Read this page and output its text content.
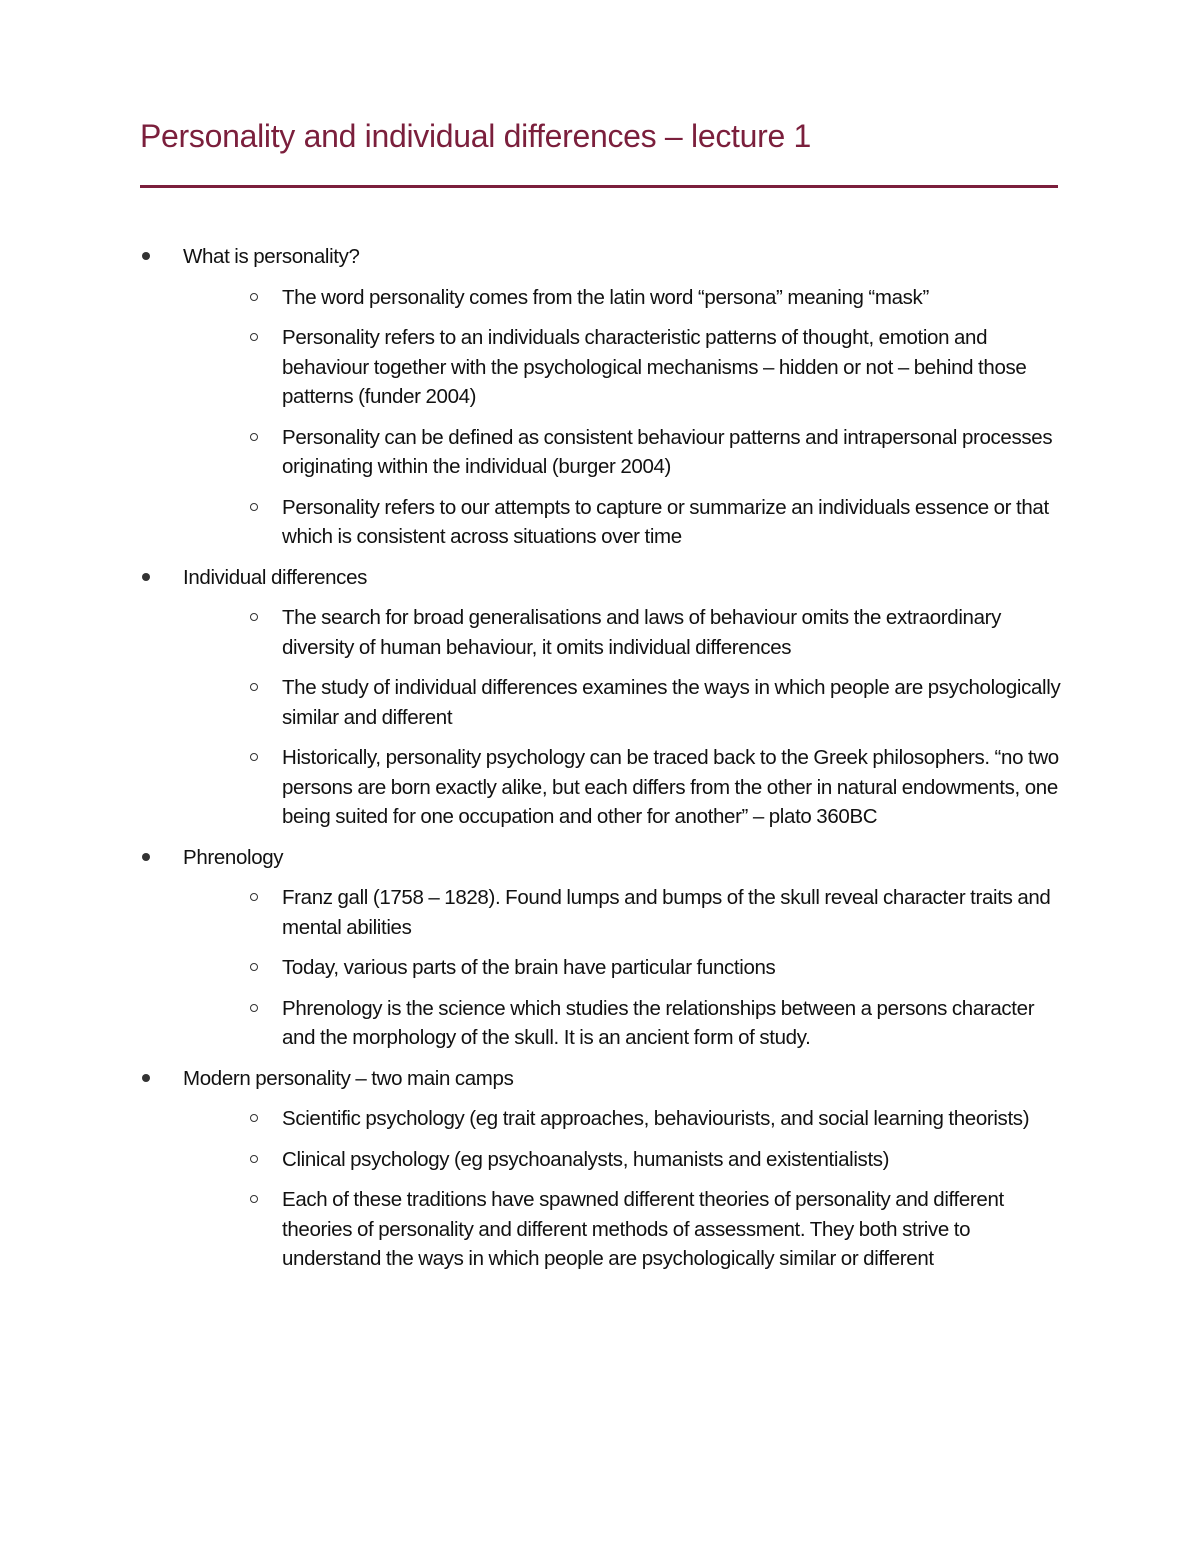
Personality and individual differences – lecture 1
What is personality?
The word personality comes from the latin word “persona” meaning “mask”
Personality refers to an individuals characteristic patterns of thought, emotion and behaviour together with the psychological mechanisms – hidden or not – behind those patterns (funder 2004)
Personality can be defined as consistent behaviour patterns and intrapersonal processes originating within the individual (burger 2004)
Personality refers to our attempts to capture or summarize an individuals essence or that which is consistent across situations over time
Individual differences
The search for broad generalisations and laws of behaviour omits the extraordinary diversity of human behaviour, it omits individual differences
The study of individual differences examines the ways in which people are psychologically similar and different
Historically, personality psychology can be traced back to the Greek philosophers. “no two persons are born exactly alike, but each differs from the other in natural endowments, one being suited for one occupation and other for another” – plato 360BC
Phrenology
Franz gall (1758 – 1828). Found lumps and bumps of the skull reveal character traits and mental abilities
Today, various parts of the brain have particular functions
Phrenology is the science which studies the relationships between a persons character and the morphology of the skull. It is an ancient form of study.
Modern personality – two main camps
Scientific psychology (eg trait approaches, behaviourists, and social learning theorists)
Clinical psychology (eg psychoanalysts, humanists and existentialists)
Each of these traditions have spawned different theories of personality and different theories of personality and different methods of assessment. They both strive to understand the ways in which people are psychologically similar or different
